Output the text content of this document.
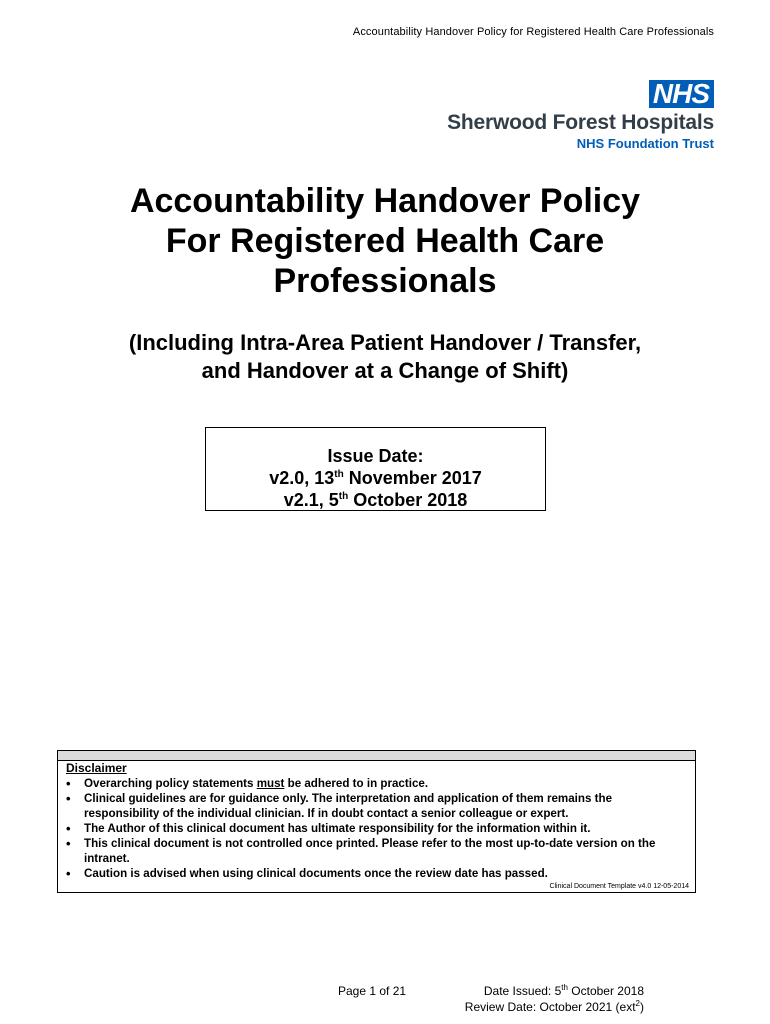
Accountability Handover Policy for Registered Health Care Professionals
NHS
Sherwood Forest Hospitals
NHS Foundation Trust
Accountability Handover Policy
For Registered Health Care
Professionals
(Including Intra-Area Patient Handover / Transfer,
and Handover at a Change of Shift)
Issue Date:
v2.0, 13th November 2017
v2.1, 5th October 2018
Disclaimer
• Overarching policy statements must be adhered to in practice.
• Clinical guidelines are for guidance only. The interpretation and application of them remains the responsibility of the individual clinician. If in doubt contact a senior colleague or expert.
• The Author of this clinical document has ultimate responsibility for the information within it.
• This clinical document is not controlled once printed. Please refer to the most up-to-date version on the intranet.
• Caution is advised when using clinical documents once the review date has passed.
Clinical Document Template v4.0 12-05-2014
Page 1 of 21	Date Issued: 5th October 2018
Review Date: October 2021 (ext$^2$)
